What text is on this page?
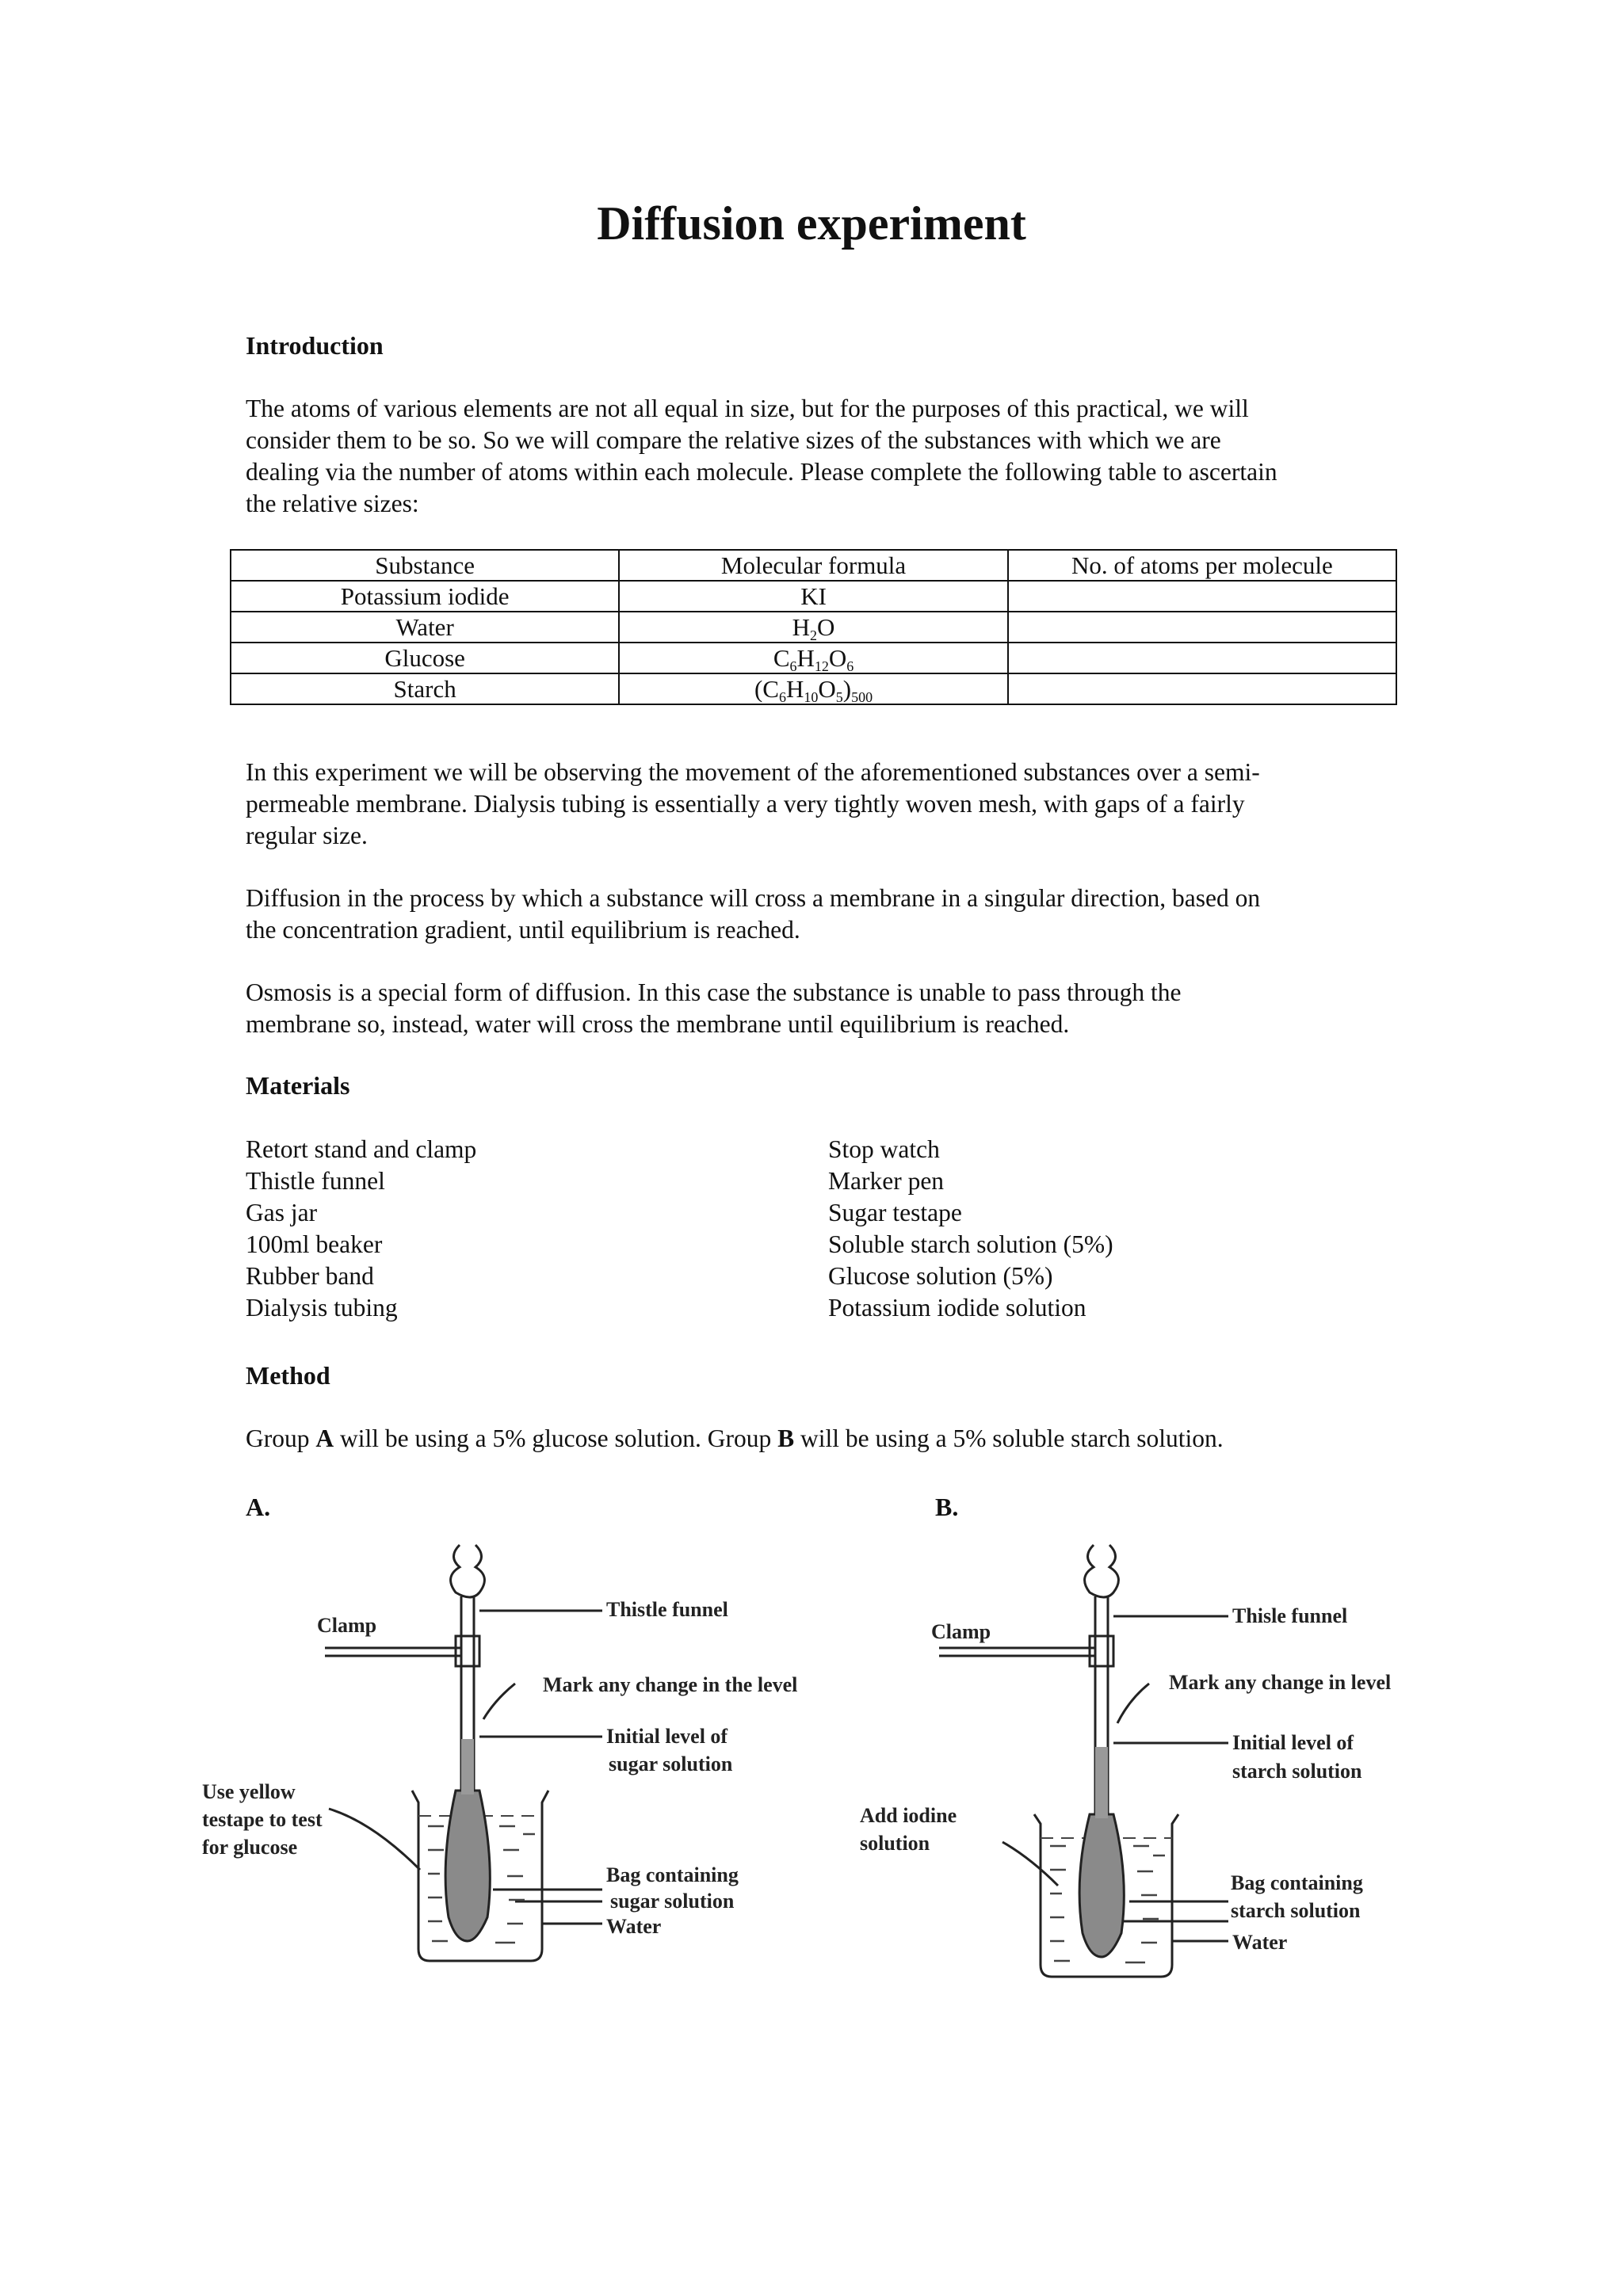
Diffusion experiment
Introduction
The atoms of various elements are not all equal in size, but for the purposes of this practical, we will
consider them to be so. So we will compare the relative sizes of the substances with which we are
dealing via the number of atoms within each molecule. Please complete the following table to ascertain
the relative sizes:
Substance	Molecular formula	No. of atoms per molecule
Potassium iodide	KI	
Water	$H_2O$	
Glucose	$C_6H_{12}O_6$	
Starch	$(C_6H_{10}O_5)_{500}$	
In this experiment we will be observing the movement of the aforementioned substances over a semi-
permeable membrane. Dialysis tubing is essentially a very tightly woven mesh, with gaps of a fairly
regular size.
Diffusion in the process by which a substance will cross a membrane in a singular direction, based on
the concentration gradient, until equilibrium is reached.
Osmosis is a special form of diffusion. In this case the substance is unable to pass through the
membrane so, instead, water will cross the membrane until equilibrium is reached.
Materials
Retort stand and clamp
Thistle funnel
Gas jar
100ml beaker
Rubber band
Dialysis tubing
Stop watch
Marker pen
Sugar testape
Soluble starch solution (5%)
Glucose solution (5%)
Potassium iodide solution
Method
Group A will be using a 5% glucose solution. Group B will be using a 5% soluble starch solution.
A.	B.
Clamp
Thistle funnel
Mark any change in the level
Initial level of
sugar solution
Use yellow
testape to test
for glucose
Bag containing
sugar solution
Water
Clamp
Thisle funnel
Mark any change in level
Initial level of
starch solution
Add iodine
solution
Bag containing
starch solution
Water
